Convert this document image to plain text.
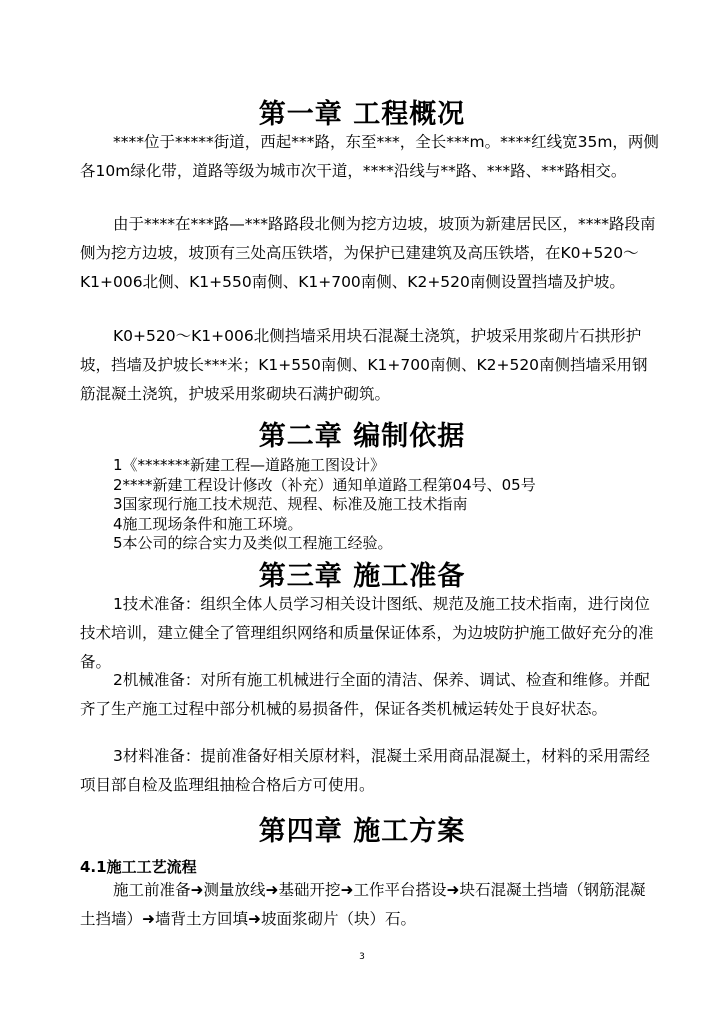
第一章 工程概况

****位于*****街道，西起***路，东至***，全长***m。****红线宽35m，两侧各10m绿化带，道路等级为城市次干道，****沿线与**路、***路、***路相交。

由于****在***路—***路路段北侧为挖方边坡，坡顶为新建居民区，****路段南侧为挖方边坡，坡顶有三处高压铁塔，为保护已建建筑及高压铁塔，在K0+520～K1+006北侧、K1+550南侧、K1+700南侧、K2+520南侧设置挡墙及护坡。

K0+520～K1+006北侧挡墙采用块石混凝土浇筑，护坡采用浆砌片石拱形护坡，挡墙及护坡长***米；K1+550南侧、K1+700南侧、K2+520南侧挡墙采用钢筋混凝土浇筑，护坡采用浆砌块石满护砌筑。

第二章 编制依据
1《*******新建工程—道路施工图设计》
2****新建工程设计修改（补充）通知单道路工程第04号、05号
3国家现行施工技术规范、规程、标准及施工技术指南
4施工现场条件和施工环境。
5本公司的综合实力及类似工程施工经验。
第三章 施工准备

1技术准备：组织全体人员学习相关设计图纸、规范及施工技术指南，进行岗位技术培训，建立健全了管理组织网络和质量保证体系，为边坡防护施工做好充分的准备。

2机械准备：对所有施工机械进行全面的清洁、保养、调试、检查和维修。并配齐了生产施工过程中部分机械的易损备件，保证各类机械运转处于良好状态。

3材料准备：提前准备好相关原材料，混凝土采用商品混凝土，材料的采用需经项目部自检及监理组抽检合格后方可使用。

第四章 施工方案

4.1施工工艺流程

施工前准备➜测量放线➜基础开挖➜工作平台搭设➜块石混凝土挡墙（钢筋混凝土挡墙）➜墙背土方回填➜坡面浆砌片（块）石。

3
